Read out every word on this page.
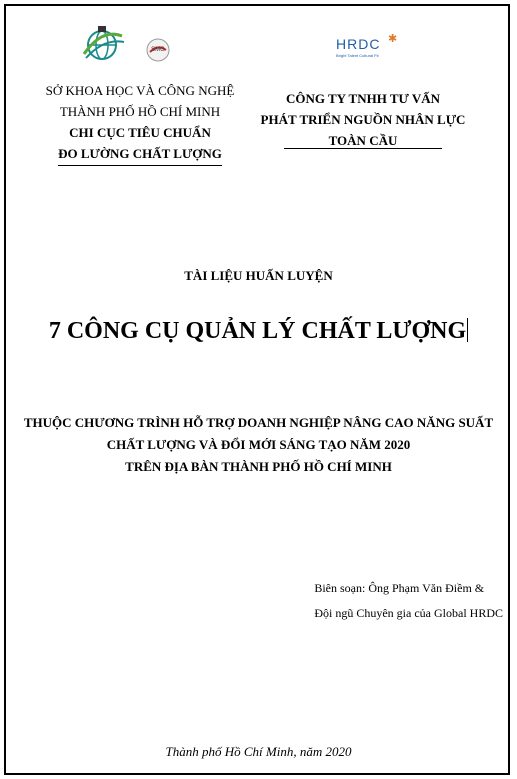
SMG	HRDC ✱
Bright Talent Cultural Fit
SỞ KHOA HỌC VÀ CÔNG NGHỆ
THÀNH PHỐ HỒ CHÍ MINH
CHI CỤC TIÊU CHUẨN
ĐO LƯỜNG CHẤT LƯỢNG
CÔNG TY TNHH TƯ VẤN
PHÁT TRIỂN NGUỒN NHÂN LỰC
TOÀN CẦU
TÀI LIỆU HUẤN LUYỆN
7 CÔNG CỤ QUẢN LÝ CHẤT LƯỢNG
THUỘC CHƯƠNG TRÌNH HỖ TRỢ DOANH NGHIỆP NÂNG CAO NĂNG SUẤT
CHẤT LƯỢNG VÀ ĐỔI MỚI SÁNG TẠO NĂM 2020
TRÊN ĐỊA BÀN THÀNH PHỐ HỒ CHÍ MINH
Biên soạn: Ông Phạm Văn Điềm &
Đội ngũ Chuyên gia của Global HRDC
Thành phố Hồ Chí Minh, năm 2020
